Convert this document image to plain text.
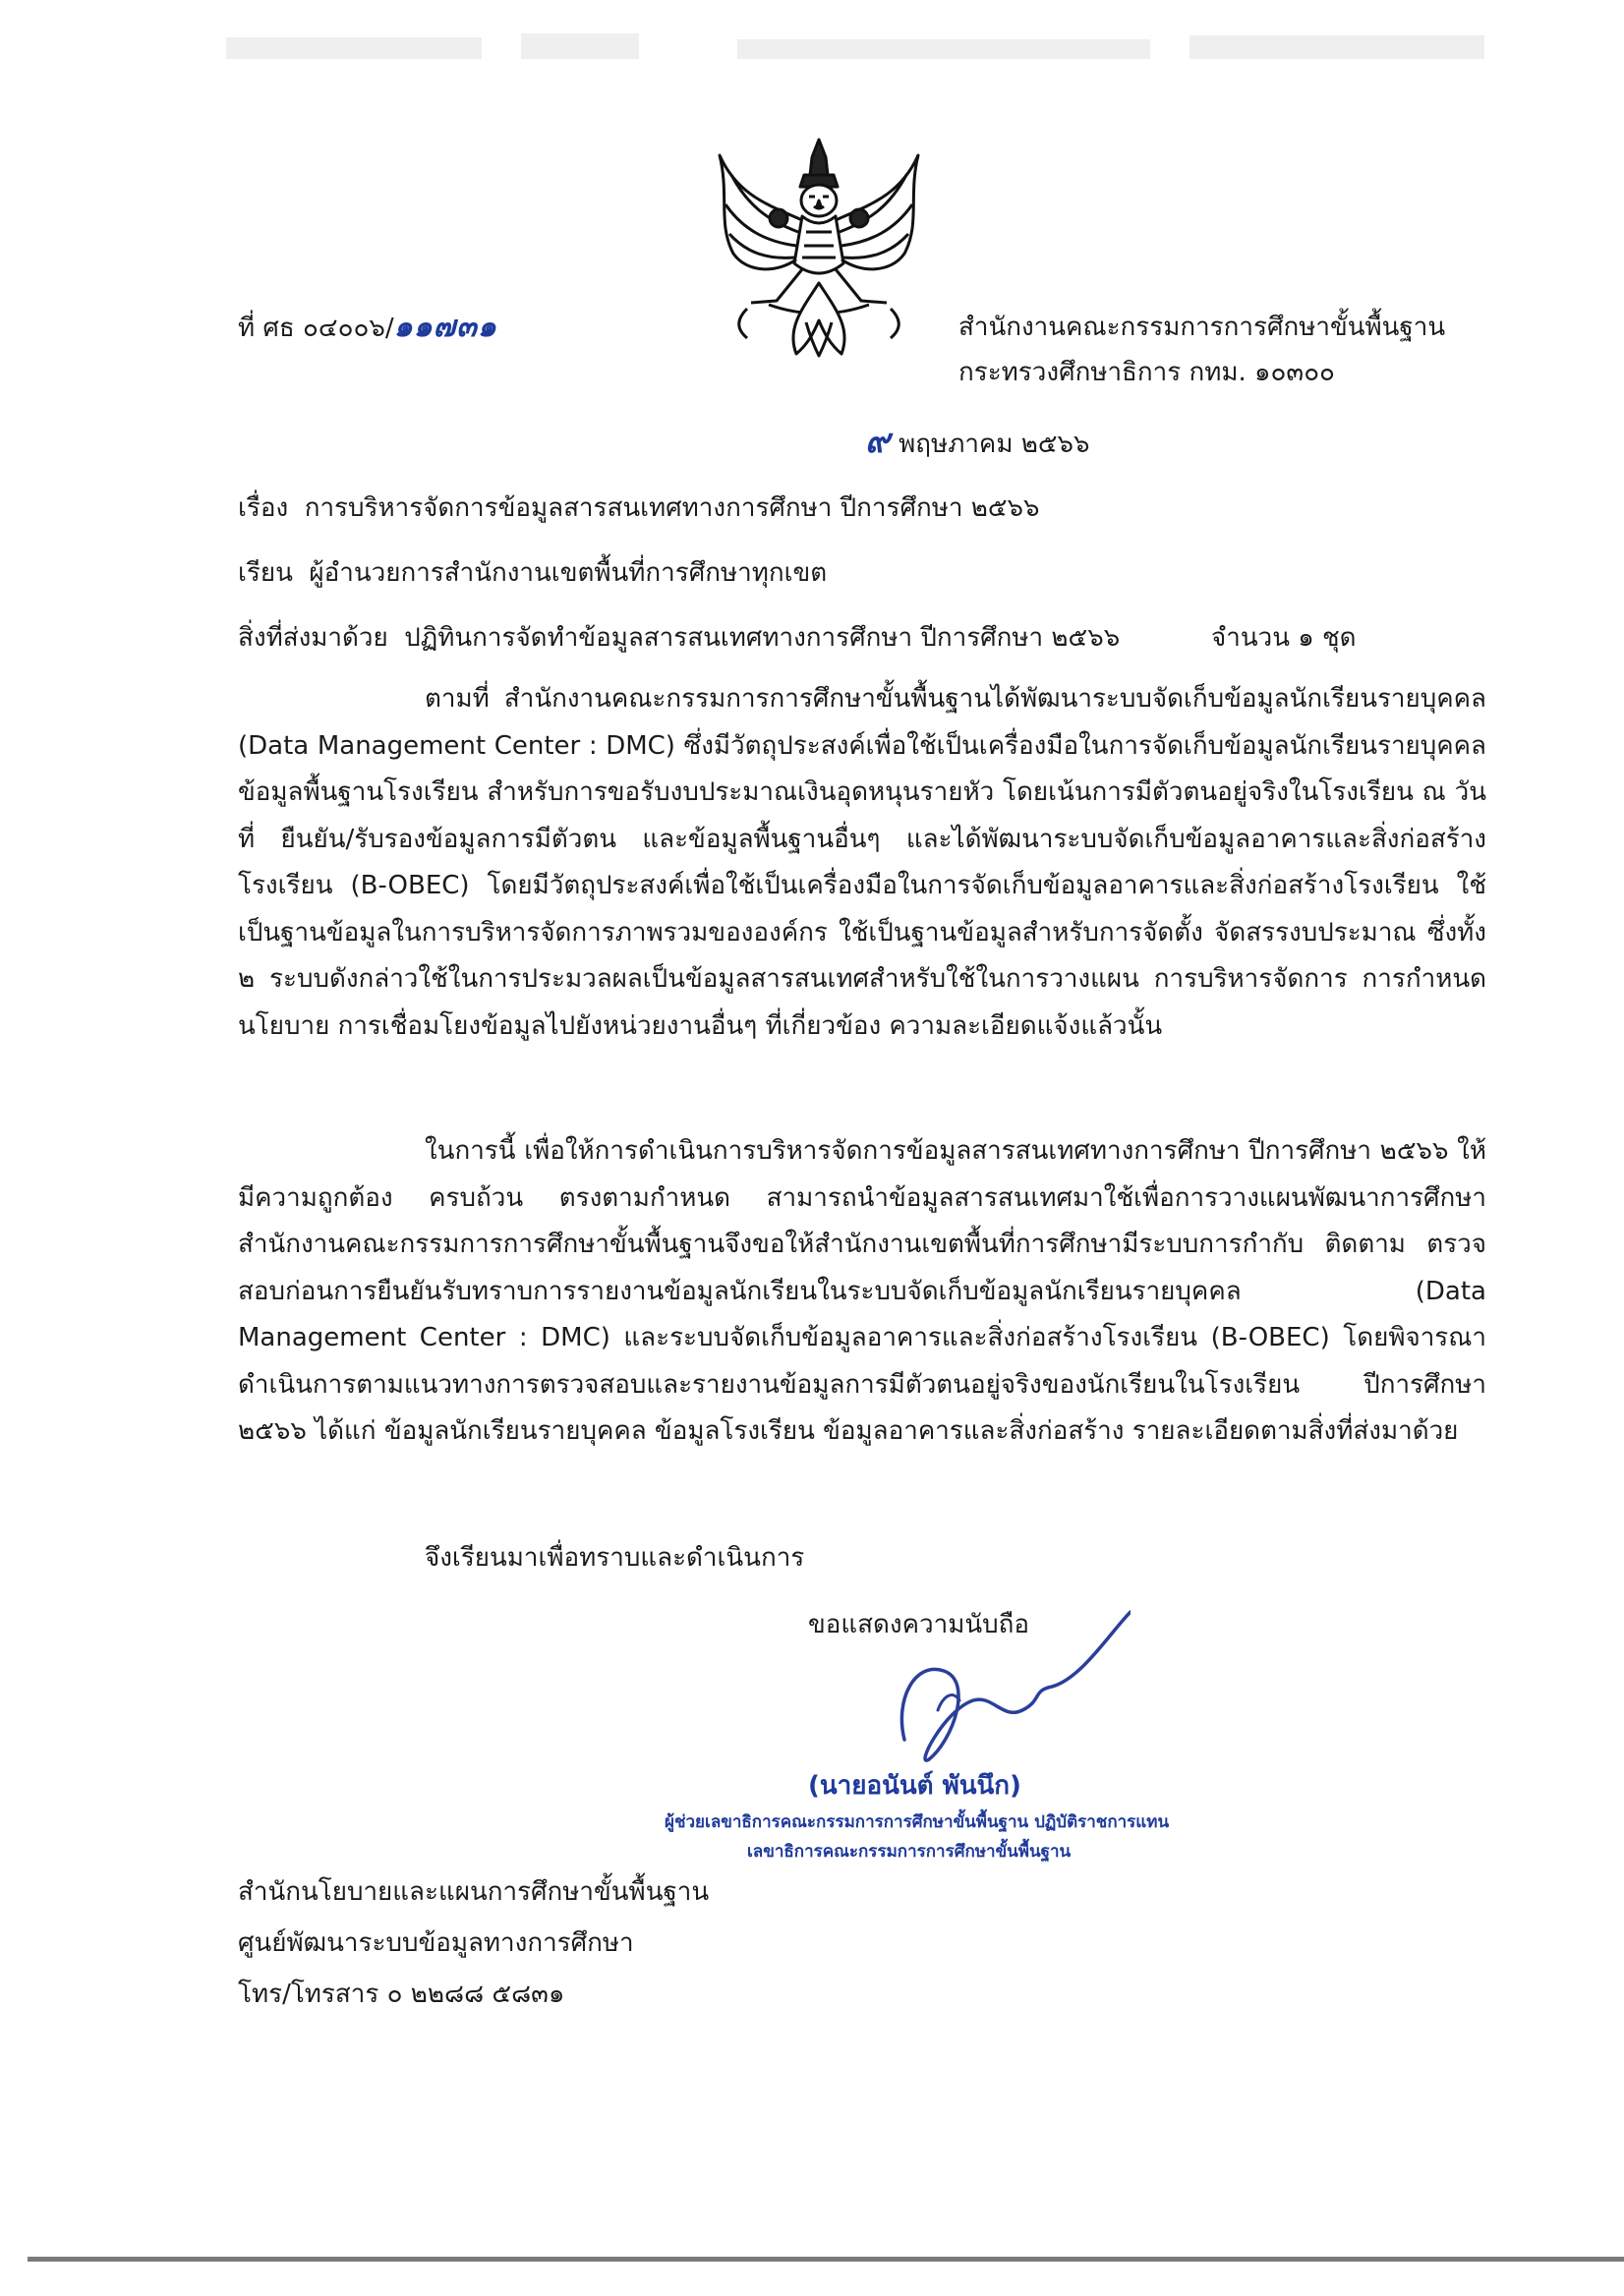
ที่ ศธ ๐๔๐๐๖/๑๑๗๓๑	สำนักงานคณะกรรมการการศึกษาขั้นพื้นฐาน
กระทรวงศึกษาธิการ กทม. ๑๐๓๐๐
๙ พฤษภาคม ๒๕๖๖
เรื่อง การบริหารจัดการข้อมูลสารสนเทศทางการศึกษา ปีการศึกษา ๒๕๖๖
เรียน ผู้อำนวยการสำนักงานเขตพื้นที่การศึกษาทุกเขต
สิ่งที่ส่งมาด้วย ปฏิทินการจัดทำข้อมูลสารสนเทศทางการศึกษา ปีการศึกษา ๒๕๖๖	จำนวน ๑ ชุด
ตามที่ สำนักงานคณะกรรมการการศึกษาขั้นพื้นฐานได้พัฒนาระบบจัดเก็บข้อมูลนักเรียนรายบุคคล (Data Management Center : DMC) ซึ่งมีวัตถุประสงค์เพื่อใช้เป็นเครื่องมือในการจัดเก็บข้อมูลนักเรียนรายบุคคล ข้อมูลพื้นฐานโรงเรียน สำหรับการขอรับงบประมาณเงินอุดหนุนรายหัว โดยเน้นการมีตัวตนอยู่จริงในโรงเรียน ณ วันที่ ยืนยัน/รับรองข้อมูลการมีตัวตน และข้อมูลพื้นฐานอื่นๆ และได้พัฒนาระบบจัดเก็บข้อมูลอาคารและสิ่งก่อสร้างโรงเรียน (B-OBEC) โดยมีวัตถุประสงค์เพื่อใช้เป็นเครื่องมือในการจัดเก็บข้อมูลอาคารและสิ่งก่อสร้างโรงเรียน ใช้เป็นฐานข้อมูลในการบริหารจัดการภาพรวมขององค์กร ใช้เป็นฐานข้อมูลสำหรับการจัดตั้ง จัดสรรงบประมาณ ซึ่งทั้ง ๒ ระบบดังกล่าวใช้ในการประมวลผลเป็นข้อมูลสารสนเทศสำหรับใช้ในการวางแผน การบริหารจัดการ การกำหนดนโยบาย การเชื่อมโยงข้อมูลไปยังหน่วยงานอื่นๆ ที่เกี่ยวข้อง ความละเอียดแจ้งแล้วนั้น
ในการนี้ เพื่อให้การดำเนินการบริหารจัดการข้อมูลสารสนเทศทางการศึกษา ปีการศึกษา ๒๕๖๖ ให้มีความถูกต้อง ครบถ้วน ตรงตามกำหนด สามารถนำข้อมูลสารสนเทศมาใช้เพื่อการวางแผนพัฒนาการศึกษา สำนักงานคณะกรรมการการศึกษาขั้นพื้นฐานจึงขอให้สำนักงานเขตพื้นที่การศึกษามีระบบการกำกับ ติดตาม ตรวจสอบก่อนการยืนยันรับทราบการรายงานข้อมูลนักเรียนในระบบจัดเก็บข้อมูลนักเรียนรายบุคคล (Data Management Center : DMC) และระบบจัดเก็บข้อมูลอาคารและสิ่งก่อสร้างโรงเรียน (B-OBEC) โดยพิจารณาดำเนินการตามแนวทางการตรวจสอบและรายงานข้อมูลการมีตัวตนอยู่จริงของนักเรียนในโรงเรียน ปีการศึกษา ๒๕๖๖ ได้แก่ ข้อมูลนักเรียนรายบุคคล ข้อมูลโรงเรียน ข้อมูลอาคารและสิ่งก่อสร้าง รายละเอียดตามสิ่งที่ส่งมาด้วย
จึงเรียนมาเพื่อทราบและดำเนินการ
ขอแสดงความนับถือ
(นายอนันต์ พันนึก)
ผู้ช่วยเลขาธิการคณะกรรมการการศึกษาขั้นพื้นฐาน ปฏิบัติราชการแทน
เลขาธิการคณะกรรมการการศึกษาขั้นพื้นฐาน
สำนักนโยบายและแผนการศึกษาขั้นพื้นฐาน
ศูนย์พัฒนาระบบข้อมูลทางการศึกษา
โทร/โทรสาร ๐ ๒๒๘๘ ๕๘๓๑
